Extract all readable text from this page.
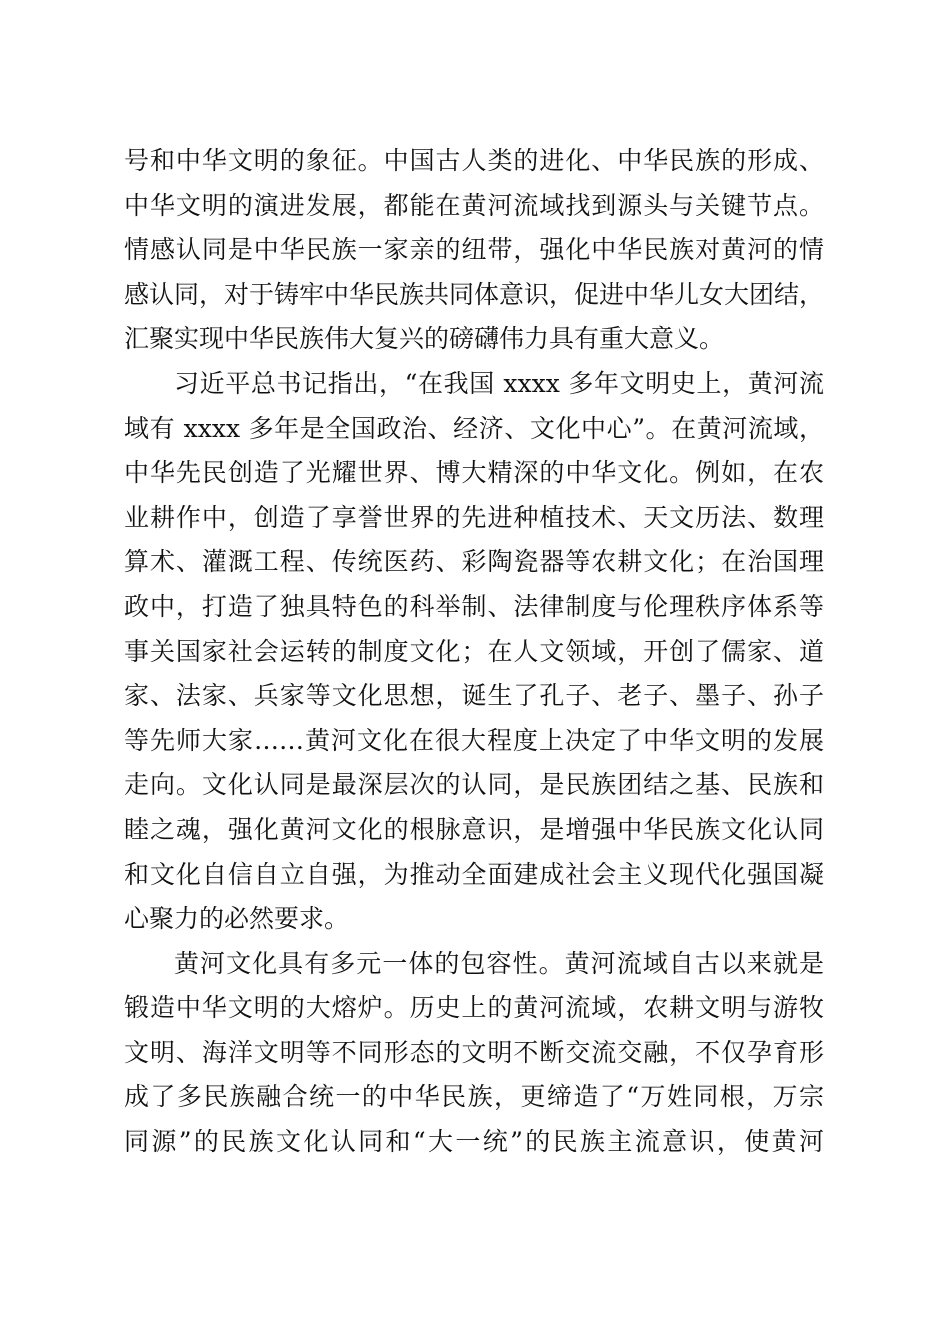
号和中华文明的象征。中国古人类的进化、中华民族的形成、
中华文明的演进发展，都能在黄河流域找到源头与关键节点。
情感认同是中华民族一家亲的纽带，强化中华民族对黄河的情
感认同，对于铸牢中华民族共同体意识，促进中华儿女大团结，
汇聚实现中华民族伟大复兴的磅礴伟力具有重大意义。
习近平总书记指出，“在我国 xxxx 多年文明史上，黄河流
域有 xxxx 多年是全国政治、经济、文化中心”。在黄河流域，
中华先民创造了光耀世界、博大精深的中华文化。例如，在农
业耕作中，创造了享誉世界的先进种植技术、天文历法、数理
算术、灌溉工程、传统医药、彩陶瓷器等农耕文化；在治国理
政中，打造了独具特色的科举制、法律制度与伦理秩序体系等
事关国家社会运转的制度文化；在人文领域，开创了儒家、道
家、法家、兵家等文化思想，诞生了孔子、老子、墨子、孙子
等先师大家……黄河文化在很大程度上决定了中华文明的发展
走向。文化认同是最深层次的认同，是民族团结之基、民族和
睦之魂，强化黄河文化的根脉意识，是增强中华民族文化认同
和文化自信自立自强，为推动全面建成社会主义现代化强国凝
心聚力的必然要求。
黄河文化具有多元一体的包容性。黄河流域自古以来就是
锻造中华文明的大熔炉。历史上的黄河流域，农耕文明与游牧
文明、海洋文明等不同形态的文明不断交流交融，不仅孕育形
成了多民族融合统一的中华民族，更缔造了“万姓同根，万宗
同源”的民族文化认同和“大一统”的民族主流意识，使黄河
